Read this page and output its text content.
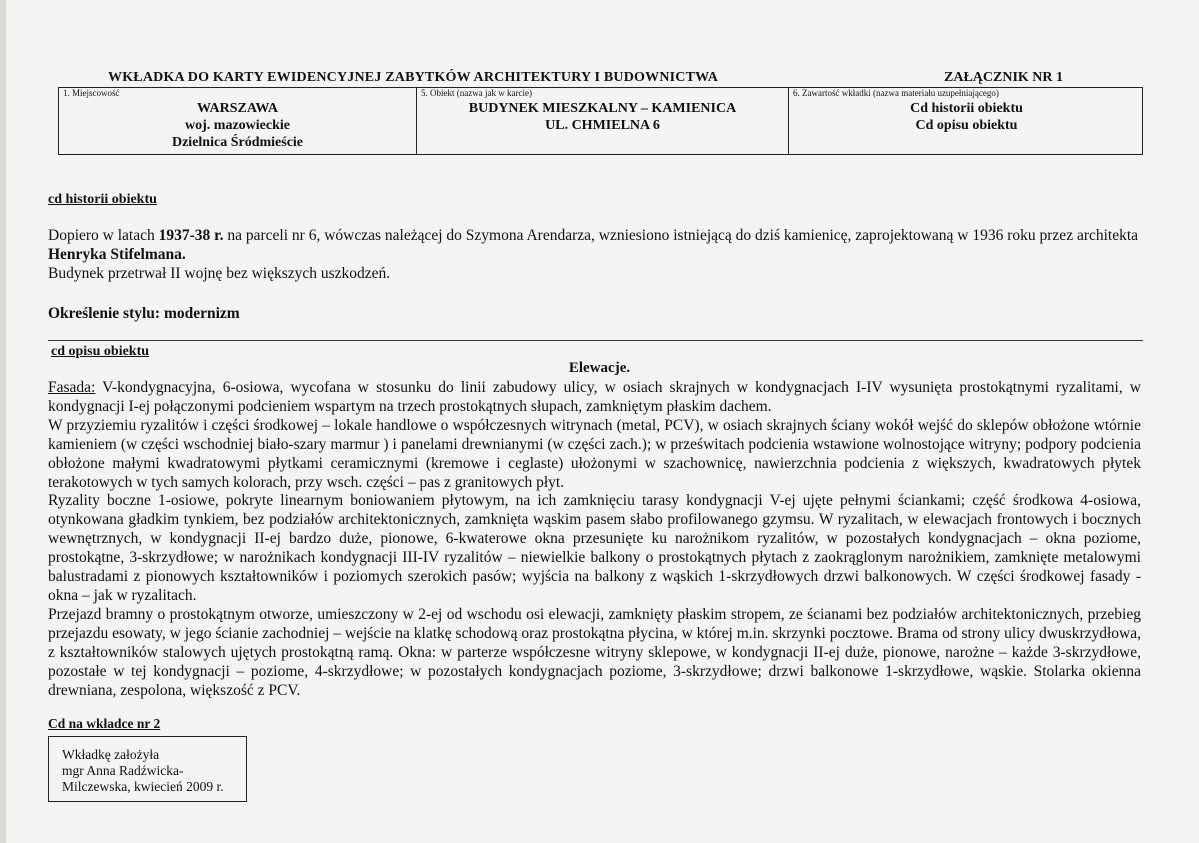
WKŁADKA DO KARTY EWIDENCYJNEJ ZABYTKÓW ARCHITEKTURY I BUDOWNICTWA	ZAŁĄCZNIK NR 1
1. Miejscowość
WARSZAWA
woj. mazowieckie
Dzielnica Śródmieście
5. Obiekt (nazwa jak w karcie)
BUDYNEK MIESZKALNY – KAMIENICA
UL. CHMIELNA 6
6. Zawartość wkładki (nazwa materiału uzupełniającego)
Cd historii obiektu
Cd opisu obiektu
cd historii obiektu
Dopiero w latach 1937-38 r. na parceli nr 6, wówczas należącej do Szymona Arendarza, wzniesiono istniejącą do dziś kamienicę, zaprojektowaną w 1936 roku przez architekta Henryka Stifelmana.
Budynek przetrwał II wojnę bez większych uszkodzeń.
Określenie stylu: modernizm
cd opisu obiektu
Elewacje.

Fasada: V-kondygnacyjna, 6-osiowa, wycofana w stosunku do linii zabudowy ulicy, w osiach skrajnych w kondygnacjach I-IV wysunięta prostokątnymi ryzalitami, w kondygnacji I-ej połączonymi podcieniem wspartym na trzech prostokątnych słupach, zamkniętym płaskim dachem.

W przyziemiu ryzalitów i części środkowej – lokale handlowe o współczesnych witrynach (metal, PCV), w osiach skrajnych ściany wokół wejść do sklepów obłożone wtórnie kamieniem (w części wschodniej biało-szary marmur ) i panelami drewnianymi (w części zach.); w prześwitach podcienia wstawione wolnostojące witryny; podpory podcienia obłożone małymi kwadratowymi płytkami ceramicznymi (kremowe i ceglaste) ułożonymi w szachownicę, nawierzchnia podcienia z większych, kwadratowych płytek terakotowych w tych samych kolorach, przy wsch. części – pas z granitowych płyt.

Ryzality boczne 1-osiowe, pokryte linearnym boniowaniem płytowym, na ich zamknięciu tarasy kondygnacji V-ej ujęte pełnymi ściankami; część środkowa 4-osiowa, otynkowana gładkim tynkiem, bez podziałów architektonicznych, zamknięta wąskim pasem słabo profilowanego gzymsu. W ryzalitach, w elewacjach frontowych i bocznych wewnętrznych, w kondygnacji II-ej bardzo duże, pionowe, 6-kwaterowe okna przesunięte ku narożnikom ryzalitów, w pozostałych kondygnacjach – okna poziome, prostokątne, 3-skrzydłowe; w narożnikach kondygnacji III-IV ryzalitów – niewielkie balkony o prostokątnych płytach z zaokrąglonym narożnikiem, zamknięte metalowymi balustradami z pionowych kształtowników i poziomych szerokich pasów; wyjścia na balkony z wąskich 1-skrzydłowych drzwi balkonowych. W części środkowej fasady - okna – jak w ryzalitach.

Przejazd bramny o prostokątnym otworze, umieszczony w 2-ej od wschodu osi elewacji, zamknięty płaskim stropem, ze ścianami bez podziałów architektonicznych, przebieg przejazdu esowaty, w jego ścianie zachodniej – wejście na klatkę schodową oraz prostokątna płycina, w której m.in. skrzynki pocztowe. Brama od strony ulicy dwuskrzydłowa, z kształtowników stalowych ujętych prostokątną ramą. Okna: w parterze współczesne witryny sklepowe, w kondygnacji II-ej duże, pionowe, narożne – każde 3-skrzydłowe, pozostałe w tej kondygnacji – poziome, 4-skrzydłowe; w pozostałych kondygnacjach poziome, 3-skrzydłowe; drzwi balkonowe 1-skrzydłowe, wąskie. Stolarka okienna drewniana, zespolona, większość z PCV.

Cd na wkładce nr 2
Wkładkę założyła
mgr Anna Radźwicka-
Milczewska, kwiecień 2009 r.
